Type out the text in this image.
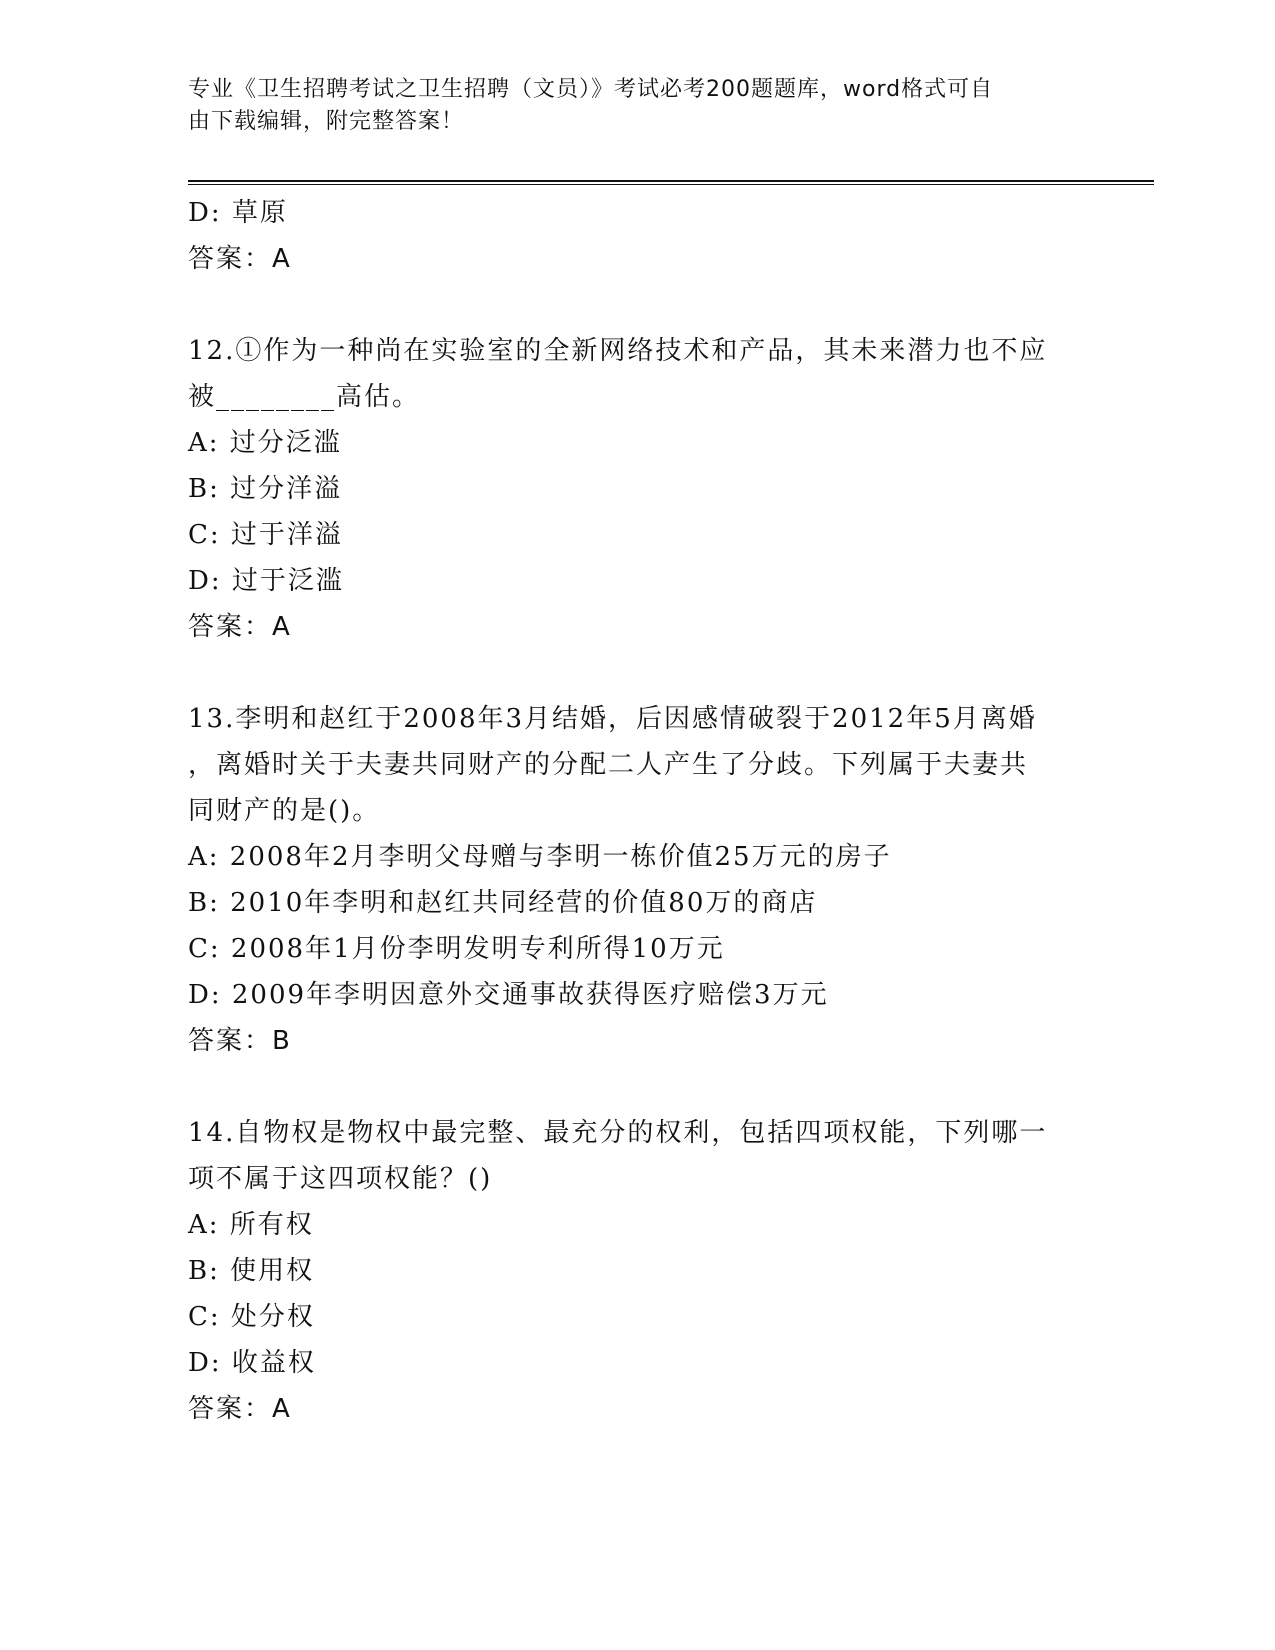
专业《卫生招聘考试之卫生招聘（文员）》考试必考200题题库，word格式可自
由下载编辑，附完整答案！
D: 草原
答案：A
12.①作为一种尚在实验室的全新网络技术和产品，其未来潜力也不应
被________高估。
A: 过分泛滥
B: 过分洋溢
C: 过于洋溢
D: 过于泛滥
答案：A
13.李明和赵红于2008年3月结婚，后因感情破裂于2012年5月离婚
，离婚时关于夫妻共同财产的分配二人产生了分歧。下列属于夫妻共
同财产的是()。
A: 2008年2月李明父母赠与李明一栋价值25万元的房子
B: 2010年李明和赵红共同经营的价值80万的商店
C: 2008年1月份李明发明专利所得10万元
D: 2009年李明因意外交通事故获得医疗赔偿3万元
答案：B
14.自物权是物权中最完整、最充分的权利，包括四项权能，下列哪一
项不属于这四项权能？()
A: 所有权
B: 使用权
C: 处分权
D: 收益权
答案：A
